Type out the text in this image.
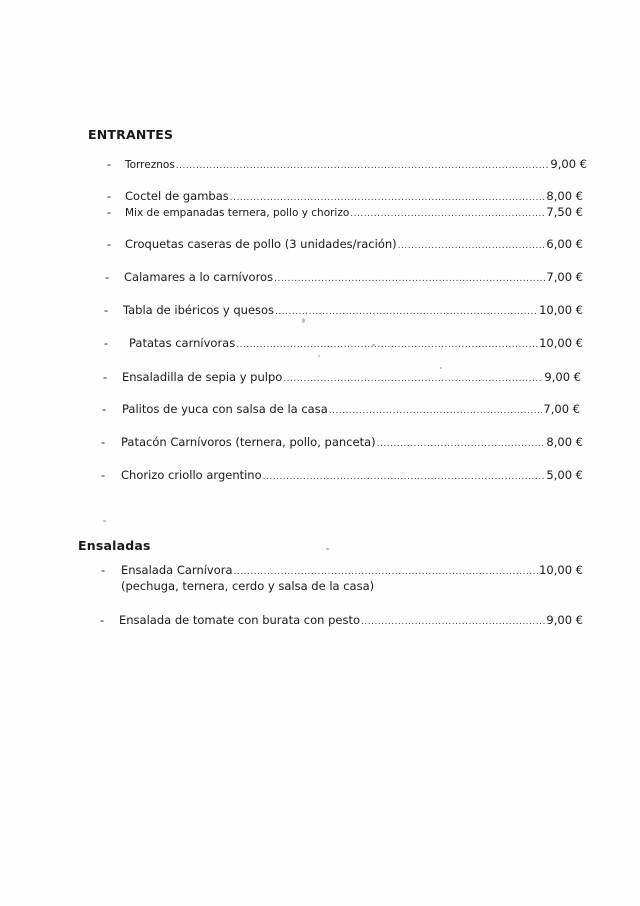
ENTRANTES
- Torreznos .....	9,00 €
- Coctel de gambas .....	8,00 €
- Mix de empanadas ternera, pollo y chorizo .....	7,50 €
- Croquetas caseras de pollo (3 unidades/ración) .....	6,00 €
- Calamares a lo carnívoros .....	7,00 €
- Tabla de ibéricos y quesos .....	10,00 €
- Patatas carnívoras .....	10,00 €
- Ensaladilla de sepia y pulpo .....	9,00 €
- Palitos de yuca con salsa de la casa .....	7,00 €
- Patacón Carnívoros (ternera, pollo, panceta) .....	8,00 €
- Chorizo criollo argentino .....	5,00 €
Ensaladas
- Ensalada Carnívora .....	10,00 €
(pechuga, ternera, cerdo y salsa de la casa)
- Ensalada de tomate con burata con pesto .....	9,00 €
